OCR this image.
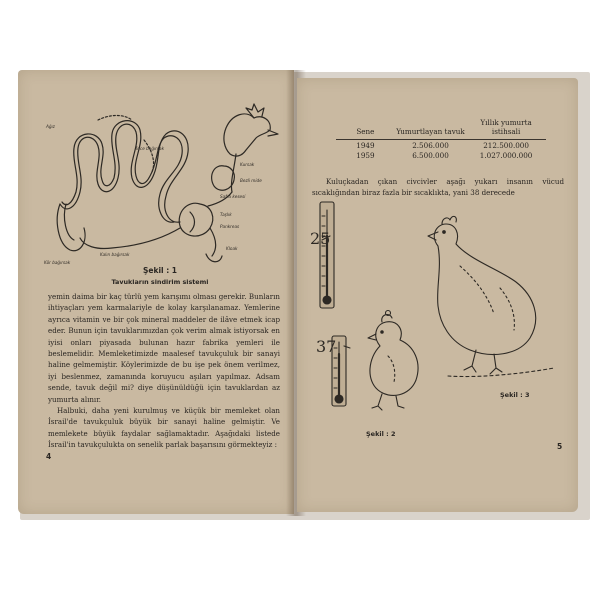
Ağız
İnce bağırsak
Kursak
Bezli mide
Taşlık
Kalın bağırsak
Safra kesesi
Pankreas
Kör bağırsak
Kloak
Şekil : 1
Tavukların sindirim sistemi

yemin daima bir kaç türlü yem karışımı olması gerekir. Bunların ihtiyaçları yem karmalariyle de kolay karşılanamaz. Yemlerine ayrıca vitamin ve bir çok mineral maddeler de ilâve etmek icap eder. Bunun için tavuklarımızdan çok verim almak istiyorsak en iyisi onları piyasada bulunan hazır fabrika yemleri ile beslemelidir. Memleketimizde maalesef tavukçuluk bir sanayi haline gelmemiştir. Köylerimizde de bu işe pek önem verilmez, iyi beslenmez, zamanında koruyucu aşıları yapılmaz. Adsam sende, tavuk değil mi? diye düşünüldüğü için tavuklardan az yumurta alınır.

Halbuki, daha yeni kurulmuş ve küçük bir memleket olan İsrail'de tavukçuluk büyük bir sanayi haline gelmiştir. Ve memlekete büyük faydalar sağlamaktadır. Aşağıdaki listede İsrail'in tavukçulukta on senelik parlak başarısını görmekteyiz :

4
Sene	Yumurtlayan tavuk	Yıllık yumurta istihsali
1949	2.506.000	212.500.000
1959	6.500.000	1.027.000.000

Kuluçkadan çıkan civcivler aşağı yukarı insanın vücud sıcaklığından biraz fazla bir sıcaklıkta, yani 38 derecede

25
37
Şekil : 3
Şekil : 2
5
